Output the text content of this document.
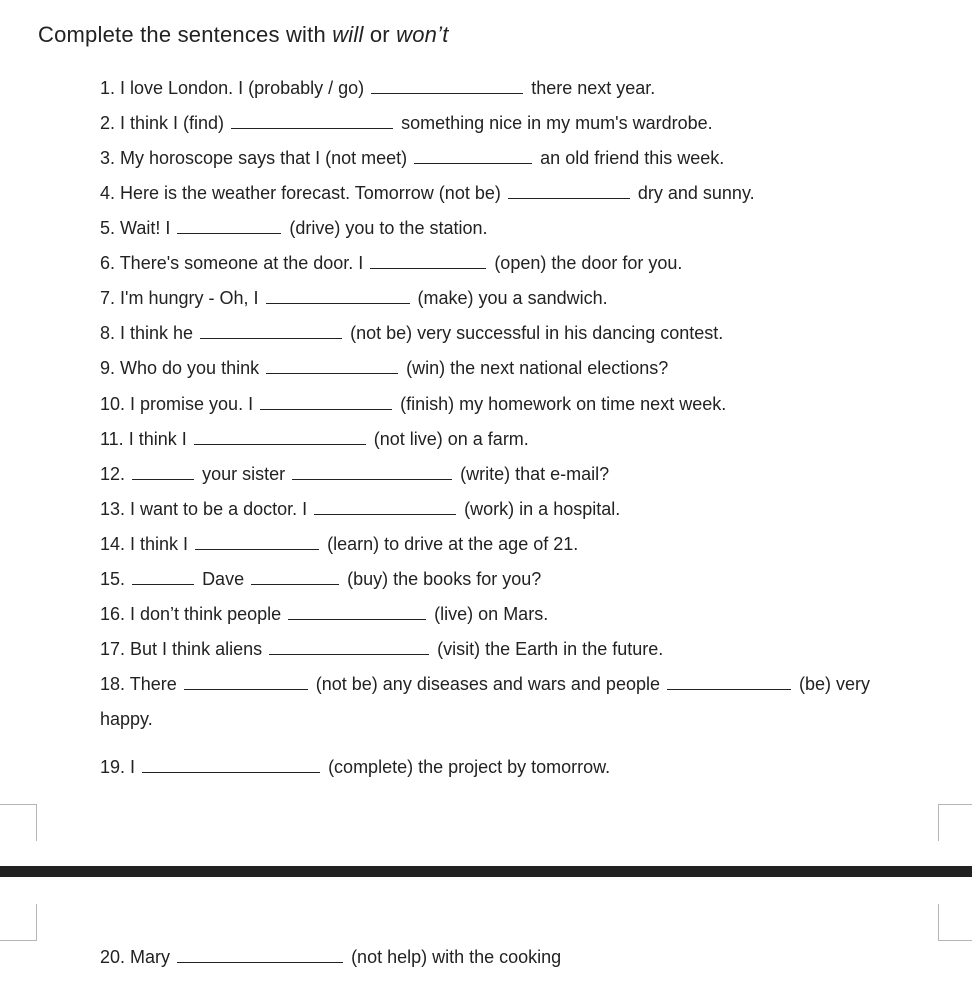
Complete the sentences with will or won’t
1. I love London. I (probably / go)	there next year.
2. I think I (find)	something nice in my mum's wardrobe.
3. My horoscope says that I (not meet)	an old friend this week.
4. Here is the weather forecast. Tomorrow (not be)	dry and sunny.
5. Wait! I	(drive) you to the station.
6. There's someone at the door. I	(open) the door for you.
7. I'm hungry - Oh, I	(make) you a sandwich.
8. I think he	(not be) very successful in his dancing contest.
9. Who do you think	(win) the next national elections?
10. I promise you. I	(finish) my homework on time next week.
11. I think I	(not live) on a farm.
12.	your sister	(write) that e-mail?
13. I want to be a doctor. I	(work) in a hospital.
14. I think I	(learn) to drive at the age of 21.
15.	Dave	(buy) the books for you?
16. I don’t think people	(live) on Mars.
17. But I think aliens	(visit) the Earth in the future.
18. There	(not be) any diseases and wars and people	(be) very
happy.
19. I	(complete) the project by tomorrow.
20. Mary	(not help) with the cooking
